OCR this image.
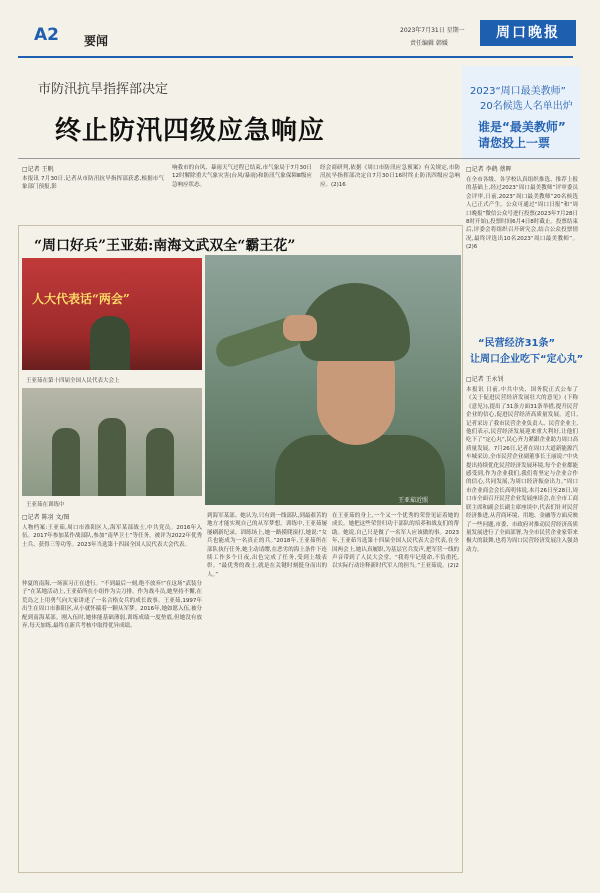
A2 要闻
2023年7月31日 星期一
责任编辑 韩媛
周口晚报
市防汛抗旱指挥部决定
终止防汛四级应急响应
□记者 王帆
本报讯 7月30日,记者从市防汛抗旱指挥部获悉,根据市气象部门预报,影
响我市的台风、暴雨天气过程已结束,市气象局于7月30日12时解除重大气象灾害(台风/暴雨)和防汛气象保障Ⅲ级应急响应状态。
经会商研判,依据《周口市防汛应急预案》有关规定,市防汛抗旱指挥部决定自7月30日16时终止防汛四级应急响应。(2)16
2023“周口最美教师”
20名候选人名单出炉
谁是“最美教师”
请您投上一票
□记者 李鹤 蔡晖
在全市各级、各学校认真组织推选、推荐上报的基础上,经过2023“周口最美教师”评审委员会评审,日前,2023“周口最美教师”20名候选人已正式产生。公众可通过“周口日报”和“周口晚报”微信公众号进行投票(2023年7月28日8时开始),投票时间6月4日8时截止。投票结束后,评委会将组织召开研究会,结合公众投票情况,最终评选出10名2023“周口最美教师”。(2)6
“民营经济31条”
让周口企业吃下“定心丸”
□记者 王永钊
本报讯 日前,中共中央、国务院正式公布了《关于促进民营经济发展壮大的意见》(下称《意见》),提出了31条方面31条举措,提升民营企业的信心,促进民营经济高质量发展。近日,记者采访了我市民营企业负责人、民营企业主,他们表示,民营经济发展迎来重大利好,让他们吃下了“定心丸”,民心齐力紧跟企业助力周口高质量发展。7月26日,记者在周口大道新能源汽车城采访,全市民营企业副董事长王丽说:“中央提出持续优化民营经济发展环境,每个企业都能感受到,作为企业我们,我们将坚定与企业合作的信心,共同发展,为周口经济振奋出力。”周口市企业商会会长高明伟说,本月26日至28日,周口市全面召开民营企业发展座谈会,在全市工商联主席和副会长副主席座谈中,代表们针对民营经济推进,从营商环境、用地、金融等方面反映了一些问题,市委、市政府对推动民营经济高质量发展进行了全面部署,为全市民营企业家带来极大的鼓舞,也将为周口民营经济发展注入强劲动力。
“周口好兵”王亚茹:南海文武双全“霸王花”
王亚茹近照
人大代表话“两会”
王亚茹在第十四届全国人民代表大会上
王亚茹在训练中
□记者 陈羽 文/图
人物档案:王亚茹,周口市淮阳区人,海军某部战士,中共党员。2016年入伍。2017年参加某作战部队,参加“南华卫士”等任务。被评为2022年优秀士兵、获得三等功等。2023年当选第十四届全国人民代表大会代表。
仲夏的南海,一场演习正在进行。“不到最后一刻,绝不放弃!”在这场“武装分子”在某地活动上,王亚茹所在小组作为尖刀排。作为战斗员,她坚持不懈,在荒岛之上用勇气向大家讲述了一名合格女兵的成长故事。王亚茹,1997年出生在周口市淮阳区,从小就怀揣着一颗从军梦。2016年,她如愿入伍,被分配到南海某部。刚入伍时,她体能基础薄弱,训练成绩一度垫底,但她没有放弃,每天加练,最终在新兵考核中取得优异成绩。
到海军某部。她认为,只有到一线部队,到最艰苦的地方才能实现自己的从军梦想。训练中,王亚茹屡屡刷新纪录。训练场上,她一路摸爬滚打,她说:“女兵也能成为一名真正的兵。”2018年,王亚茹所在部队执行任务,她主动请缨,在恶劣的海上条件下连续工作多个日夜,出色完成了任务,受到上级表彰。“最优秀的战士,就是在关键时刻挺身而出的人。”
在王亚茹的身上,一个又一个优秀的荣誉见证着她的成长。她把这些荣誉归功于部队的培养和战友们的帮助。她说,自己只是做了一名军人应该做的事。2023年,王亚茹当选第十四届全国人民代表大会代表,在全国两会上,她认真履职,为基层官兵发声,把军营一线的声音带到了人民大会堂。“我将牢记使命,不负重托,以实际行动诠释新时代军人的担当。”王亚茹说。(2)2
